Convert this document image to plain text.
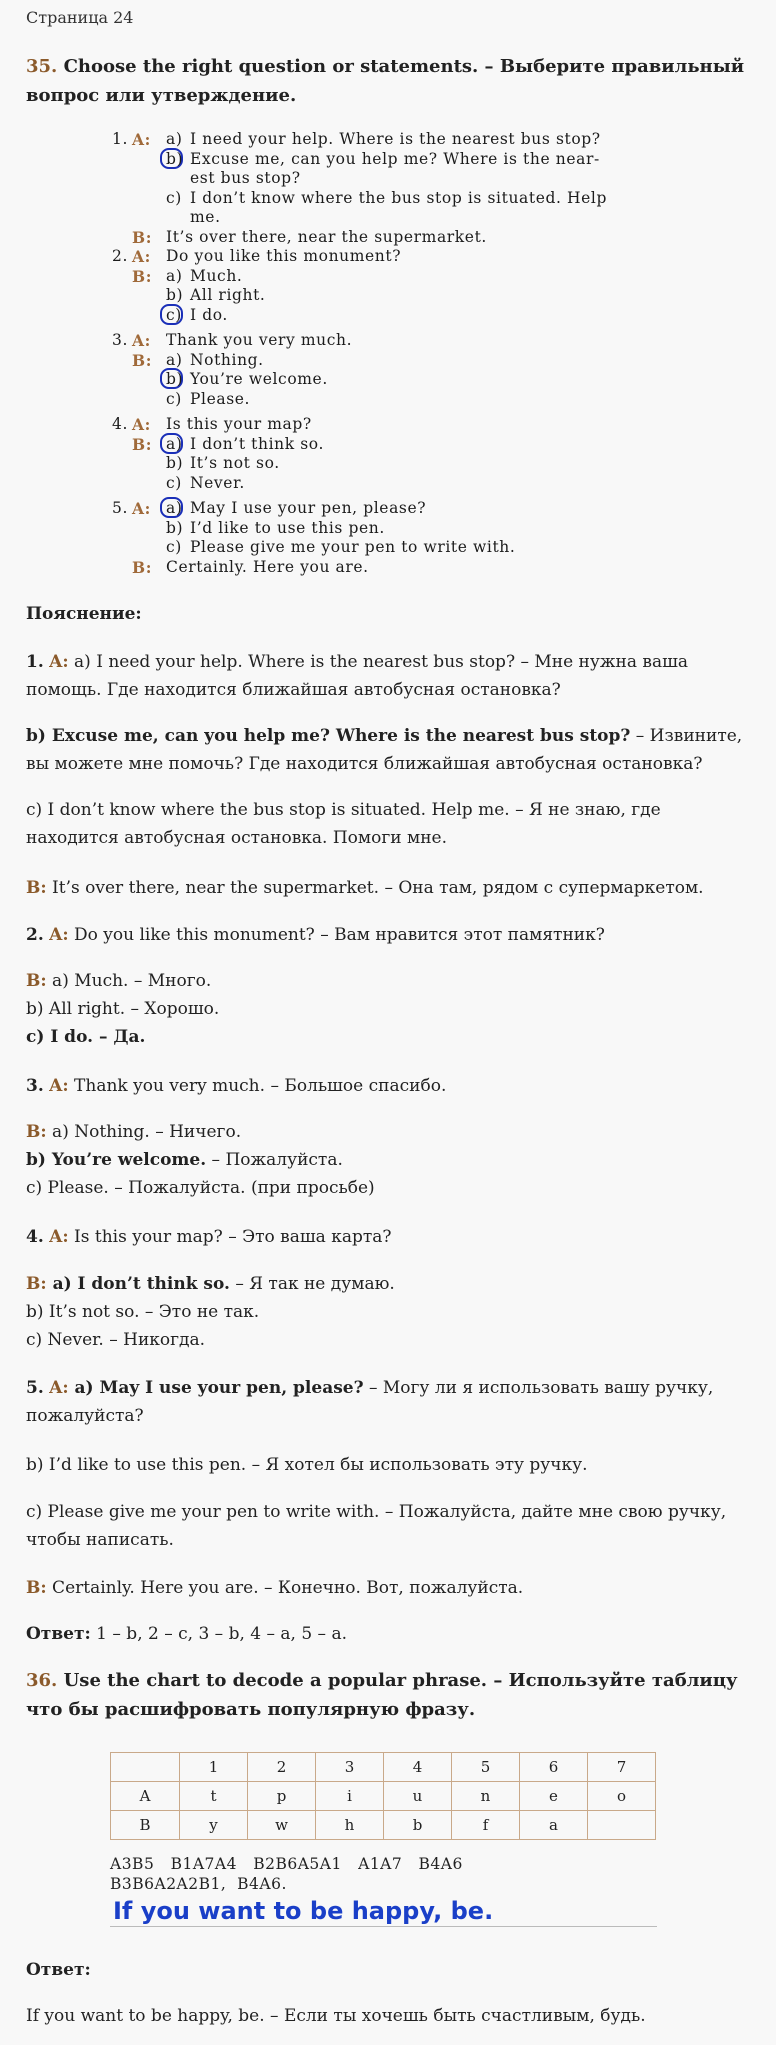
Страница 24
35. Choose the right question or statements. – Выберите правильный вопрос или утверждение.
1. A: a) I need your help. Where is the nearest bus stop?
b) Excuse me, can you help me? Where is the near-
est bus stop?
c) I don’t know where the bus stop is situated. Help
me.
B: It’s over there, near the supermarket.
2. A: Do you like this monument?
B: a) Much.
b) All right.
c) I do.
3. A: Thank you very much.
B: a) Nothing.
b) You’re welcome.
c) Please.
4. A: Is this your map?
B: a) I don’t think so.
b) It’s not so.
c) Never.
5. A: a) May I use your pen, please?
b) I’d like to use this pen.
c) Please give me your pen to write with.
B: Certainly. Here you are.
Пояснение:

1. A: a) I need your help. Where is the nearest bus stop? – Мне нужна ваша помощь. Где находится ближайшая автобусная остановка?

b) Excuse me, can you help me? Where is the nearest bus stop? – Извините, вы можете мне помочь? Где находится ближайшая автобусная остановка?

c) I don’t know where the bus stop is situated. Help me. – Я не знаю, где находится автобусная остановка. Помоги мне.

B: It’s over there, near the supermarket. – Она там, рядом с супермаркетом.

2. A: Do you like this monument? – Вам нравится этот памятник?

B: a) Much. – Много.

b) All right. – Хорошо.

c) I do. – Да.

3. A: Thank you very much. – Большое спасибо.

B: a) Nothing. – Ничего.

b) You’re welcome. – Пожалуйста.

c) Please. – Пожалуйста. (при просьбе)

4. A: Is this your map? – Это ваша карта?

B: a) I don’t think so. – Я так не думаю.

b) It’s not so. – Это не так.

c) Never. – Никогда.

5. A: a) May I use your pen, please? – Могу ли я использовать вашу ручку, пожалуйста?

b) I’d like to use this pen. – Я хотел бы использовать эту ручку.

c) Please give me your pen to write with. – Пожалуйста, дайте мне свою ручку, чтобы написать.

B: Certainly. Here you are. – Конечно. Вот, пожалуйста.

Ответ: 1 – b, 2 – c, 3 – b, 4 – a, 5 – a.

36. Use the chart to decode a popular phrase. – Используйте таблицу что бы расшифровать популярную фразу.
	1	2	3	4	5	6	7
A	t	p	i	u	n	e	o
B	y	w	h	b	f	a	
A3B5   B1A7A4   B2B6A5A1   A1A7   B4A6
B3B6A2A2B1,  B4A6.
If you want to be happy, be.
Ответ:

If you want to be happy, be. – Если ты хочешь быть счастливым, будь.
